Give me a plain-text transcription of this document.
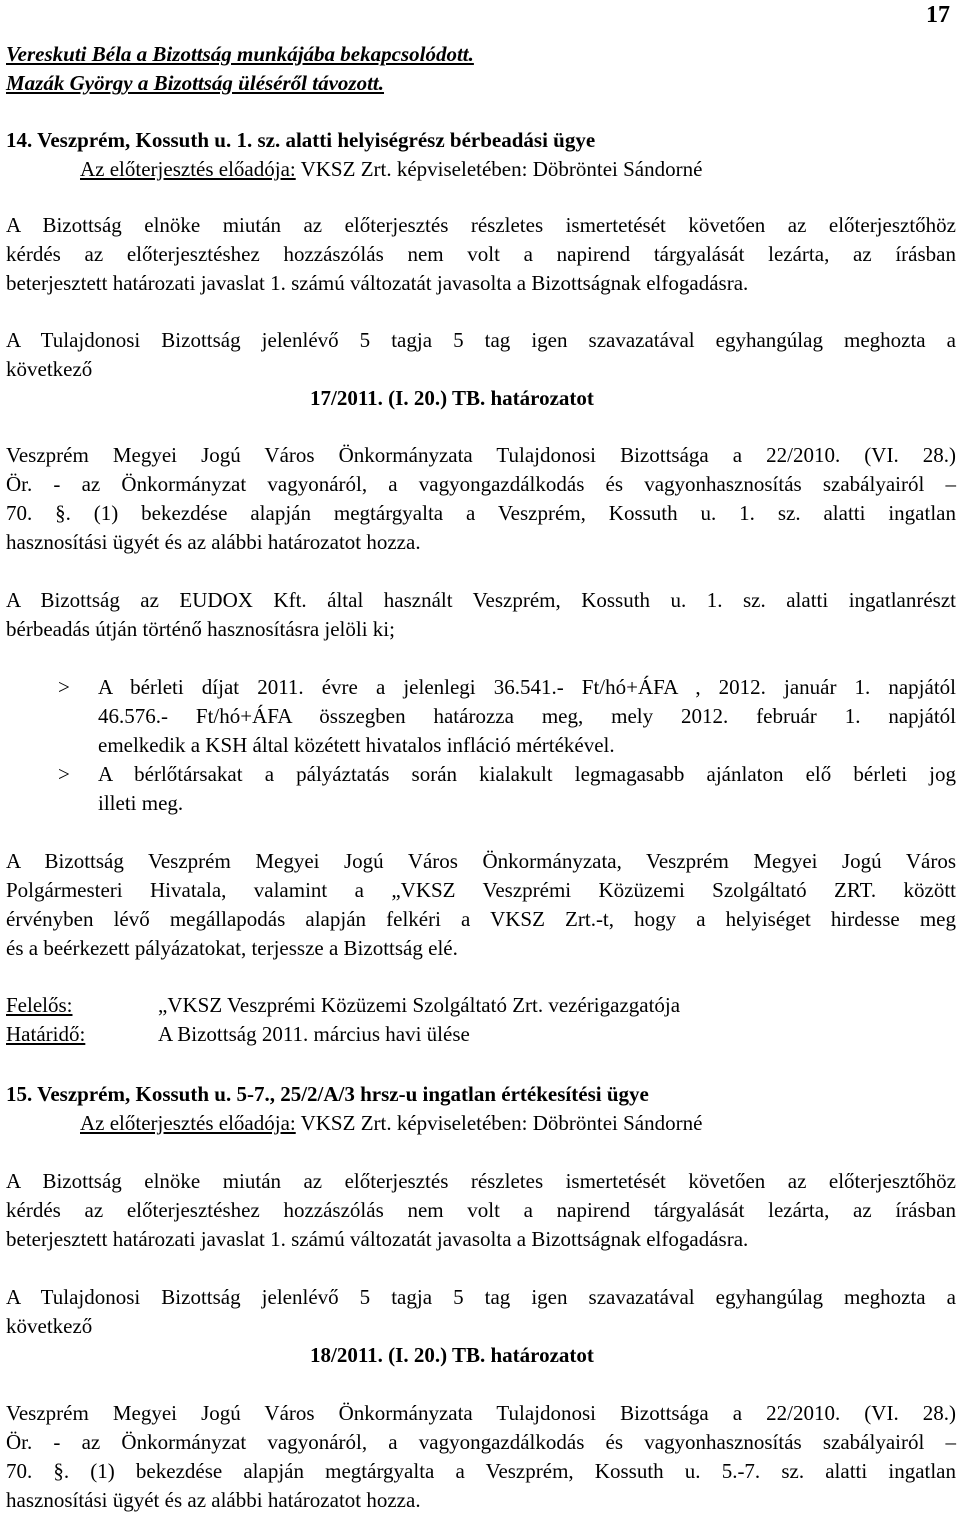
17
Vereskuti Béla a Bizottság munkájába bekapcsolódott.
Mazák György a Bizottság üléséről távozott.
14. Veszprém, Kossuth u. 1. sz. alatti helyiségrész bérbeadási ügye
Az előterjesztés előadója: VKSZ Zrt. képviseletében: Döbröntei Sándorné
A Bizottság elnöke miután az előterjesztés részletes ismertetését követően az előterjesztőhöz
kérdés az előterjesztéshez hozzászólás nem volt a napirend tárgyalását lezárta, az írásban
beterjesztett határozati javaslat 1. számú változatát javasolta a Bizottságnak elfogadásra.
A Tulajdonosi Bizottság jelenlévő 5 tagja 5 tag igen szavazatával egyhangúlag meghozta a
következő
17/2011. (I. 20.) TB. határozatot
Veszprém Megyei Jogú Város Önkormányzata Tulajdonosi Bizottsága a 22/2010. (VI. 28.)
Ör. - az Önkormányzat vagyonáról, a vagyongazdálkodás és vagyonhasznosítás szabályairól –
70. §. (1) bekezdése alapján megtárgyalta a Veszprém, Kossuth u. 1. sz. alatti ingatlan
hasznosítási ügyét és az alábbi határozatot hozza.
A Bizottság az EUDOX Kft. által használt Veszprém, Kossuth u. 1. sz. alatti ingatlanrészt
bérbeadás útján történő hasznosításra jelöli ki;
> A bérleti díjat 2011. évre a jelenlegi 36.541.- Ft/hó+ÁFA , 2012. január 1. napjától
46.576.- Ft/hó+ÁFA összegben határozza meg, mely 2012. február 1. napjától
emelkedik a KSH által közétett hivatalos infláció mértékével.
> A bérlőtársakat a pályáztatás során kialakult legmagasabb ajánlaton elő bérleti jog
illeti meg.
A Bizottság Veszprém Megyei Jogú Város Önkormányzata, Veszprém Megyei Jogú Város
Polgármesteri Hivatala, valamint a „VKSZ Veszprémi Közüzemi Szolgáltató ZRT. között
érvényben lévő megállapodás alapján felkéri a VKSZ Zrt.-t, hogy a helyiséget hirdesse meg
és a beérkezett pályázatokat, terjessze a Bizottság elé.
Felelős:	„VKSZ Veszprémi Közüzemi Szolgáltató Zrt. vezérigazgatója
Határidő:	A Bizottság 2011. március havi ülése
15. Veszprém, Kossuth u. 5-7., 25/2/A/3 hrsz-u ingatlan értékesítési ügye
Az előterjesztés előadója: VKSZ Zrt. képviseletében: Döbröntei Sándorné
A Bizottság elnöke miután az előterjesztés részletes ismertetését követően az előterjesztőhöz
kérdés az előterjesztéshez hozzászólás nem volt a napirend tárgyalását lezárta, az írásban
beterjesztett határozati javaslat 1. számú változatát javasolta a Bizottságnak elfogadásra.
A Tulajdonosi Bizottság jelenlévő 5 tagja 5 tag igen szavazatával egyhangúlag meghozta a
következő
18/2011. (I. 20.) TB. határozatot
Veszprém Megyei Jogú Város Önkormányzata Tulajdonosi Bizottsága a 22/2010. (VI. 28.)
Ör. - az Önkormányzat vagyonáról, a vagyongazdálkodás és vagyonhasznosítás szabályairól –
70. §. (1) bekezdése alapján megtárgyalta a Veszprém, Kossuth u. 5.-7. sz. alatti ingatlan
hasznosítási ügyét és az alábbi határozatot hozza.
